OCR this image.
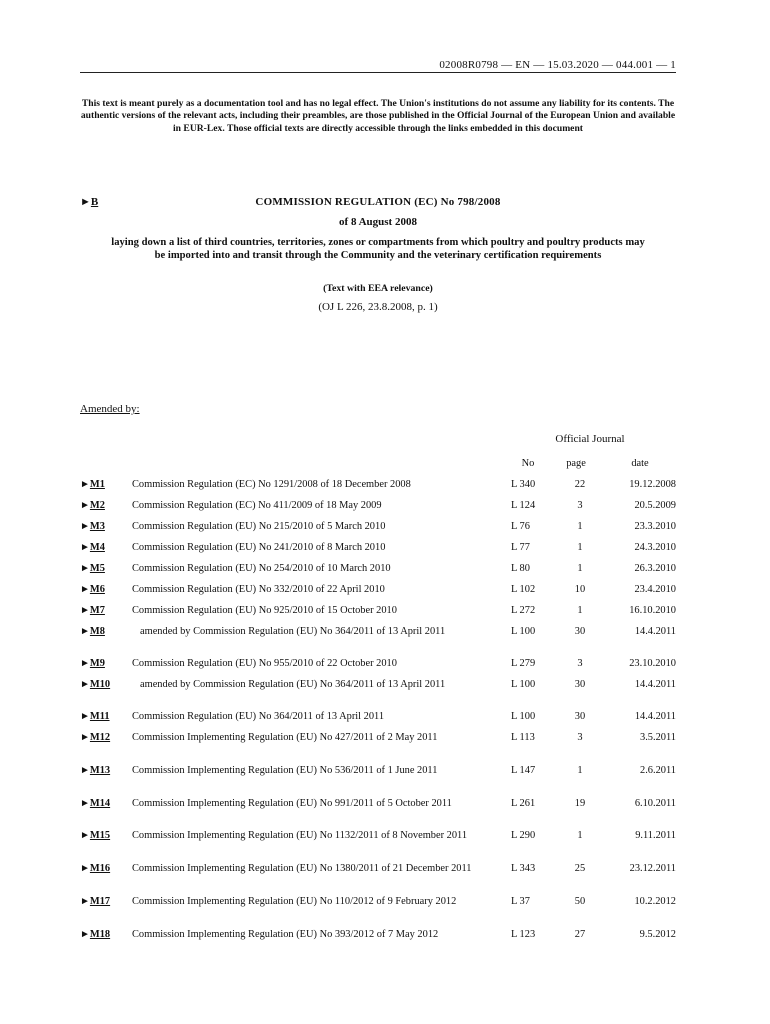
02008R0798 — EN — 15.03.2020 — 044.001 — 1
This text is meant purely as a documentation tool and has no legal effect. The Union's institutions do not assume any liability for its contents. The authentic versions of the relevant acts, including their preambles, are those published in the Official Journal of the European Union and available in EUR-Lex. Those official texts are directly accessible through the links embedded in this document
►B	COMMISSION REGULATION (EC) No 798/2008
of 8 August 2008
laying down a list of third countries, territories, zones or compartments from which poultry and poultry products may be imported into and transit through the Community and the veterinary certification requirements
(Text with EEA relevance)
(OJ L 226, 23.8.2008, p. 1)
Amended by:
Official Journal
No	page	date
►M1	Commission Regulation (EC) No 1291/2008 of 18 December 2008	L 340	22	19.12.2008
►M2	Commission Regulation (EC) No 411/2009 of 18 May 2009	L 124	3	20.5.2009
►M3	Commission Regulation (EU) No 215/2010 of 5 March 2010	L 76	1	23.3.2010
►M4	Commission Regulation (EU) No 241/2010 of 8 March 2010	L 77	1	24.3.2010
►M5	Commission Regulation (EU) No 254/2010 of 10 March 2010	L 80	1	26.3.2010
►M6	Commission Regulation (EU) No 332/2010 of 22 April 2010	L 102	10	23.4.2010
►M7	Commission Regulation (EU) No 925/2010 of 15 October 2010	L 272	1	16.10.2010
►M8	amended by Commission Regulation (EU) No 364/2011 of 13 April 2011	L 100	30	14.4.2011
►M9	Commission Regulation (EU) No 955/2010 of 22 October 2010	L 279	3	23.10.2010
►M10	amended by Commission Regulation (EU) No 364/2011 of 13 April 2011	L 100	30	14.4.2011
►M11 Commission Regulation (EU) No 364/2011 of 13 April 2011	L 100	30	14.4.2011
►M12 Commission Implementing Regulation (EU) No 427/2011 of 2 May 2011	L 113	3	3.5.2011
►M13 Commission Implementing Regulation (EU) No 536/2011 of 1 June 2011	L 147	1	2.6.2011
►M14 Commission Implementing Regulation (EU) No 991/2011 of 5 October 2011	L 261	19	6.10.2011
►M15 Commission Implementing Regulation (EU) No 1132/2011 of 8 November 2011	L 290	1	9.11.2011
►M16 Commission Implementing Regulation (EU) No 1380/2011 of 21 December 2011	L 343	25	23.12.2011
►M17 Commission Implementing Regulation (EU) No 110/2012 of 9 February 2012	L 37	50	10.2.2012
►M18 Commission Implementing Regulation (EU) No 393/2012 of 7 May 2012	L 123	27	9.5.2012
